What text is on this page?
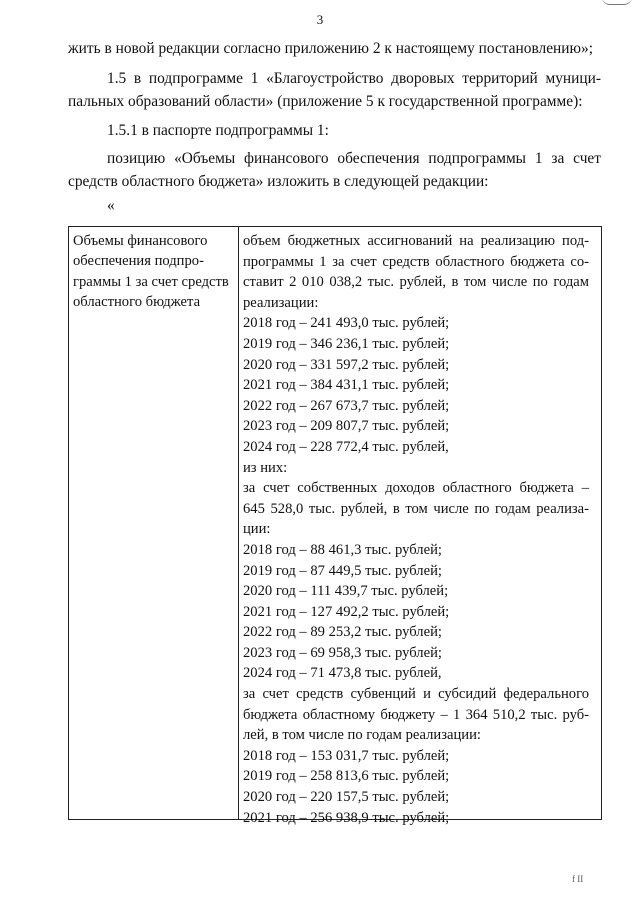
3
жить в новой редакции согласно приложению 2 к настоящему постановлению»;
1.5 в подпрограмме 1 «Благоустройство дворовых территорий муници-
пальных образований области» (приложение 5 к государственной программе):
1.5.1 в паспорте подпрограммы 1:
позицию «Объемы финансового обеспечения подпрограммы 1 за счет
средств областного бюджета» изложить в следующей редакции:
«
Объемы финансового
обеспечения подпро-
граммы 1 за счет средств
областного бюджета
объем бюджетных ассигнований на реализацию под-
программы 1 за счет средств областного бюджета со-
ставит 2 010 038,2 тыс. рублей, в том числе по годам
реализации:
2018 год – 241 493,0 тыс. рублей;
2019 год – 346 236,1 тыс. рублей;
2020 год – 331 597,2 тыс. рублей;
2021 год – 384 431,1 тыс. рублей;
2022 год – 267 673,7 тыс. рублей;
2023 год – 209 807,7 тыс. рублей;
2024 год – 228 772,4 тыс. рублей,
из них:
за счет собственных доходов областного бюджета –
645 528,0 тыс. рублей, в том числе по годам реализа-
ции:
2018 год – 88 461,3 тыс. рублей;
2019 год – 87 449,5 тыс. рублей;
2020 год – 111 439,7 тыс. рублей;
2021 год – 127 492,2 тыс. рублей;
2022 год – 89 253,2 тыс. рублей;
2023 год – 69 958,3 тыс. рублей;
2024 год – 71 473,8 тыс. рублей,
за счет средств субвенций и субсидий федерального
бюджета областному бюджету – 1 364 510,2 тыс. руб-
лей, в том числе по годам реализации:
2018 год – 153 031,7 тыс. рублей;
2019 год – 258 813,6 тыс. рублей;
2020 год – 220 157,5 тыс. рублей;
2021 год – 256 938,9 тыс. рублей;
f II
